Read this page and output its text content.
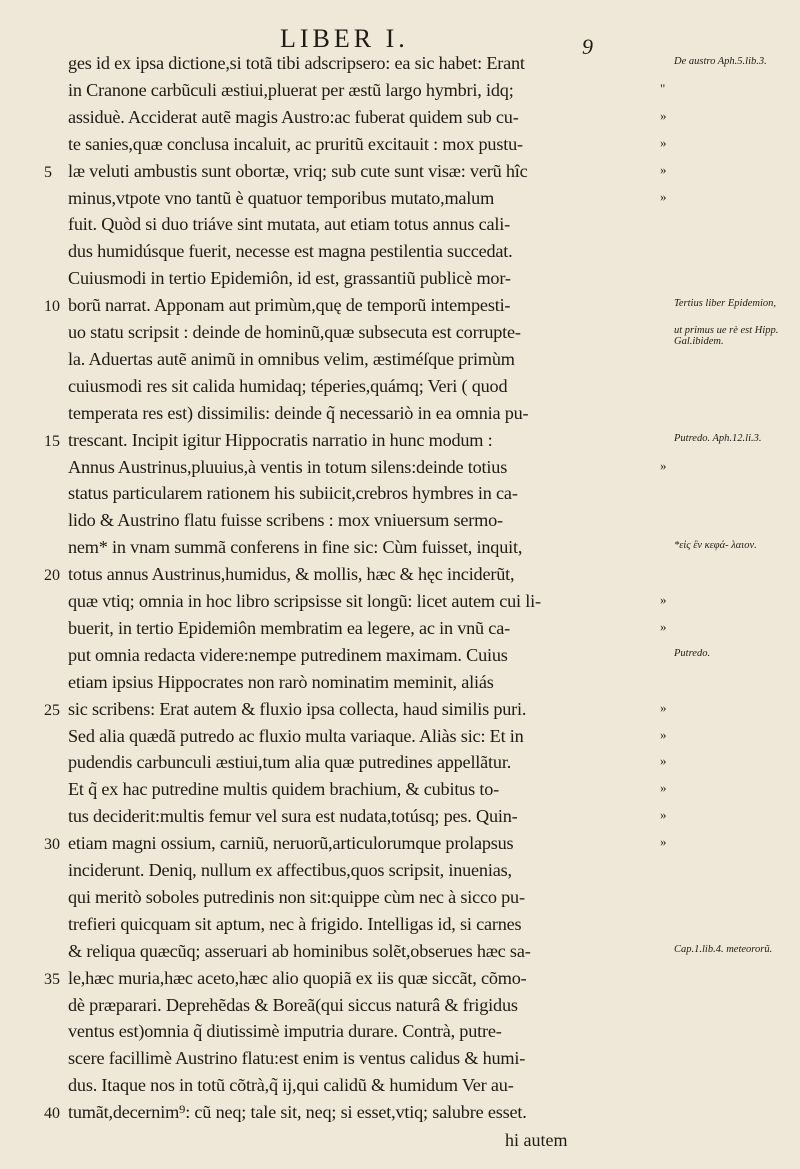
LIBER I.	9
ges id ex ipsa dictione,si totã tibi adscripsero: ea sic habet: Erant
in Cranone carbũculi æstiui,pluerat per æstũ largo hymbri, idq;	"
assiduè. Acciderat autẽ magis Austro:ac fuberat quidem sub cu-	»
te sanies,quæ conclusa incaluit, ac pruritũ excitauit : mox pustu-	»
5 læ veluti ambustis sunt obortæ, vriq; sub cute sunt visæ: verũ hîc	»
minus,vtpote vno tantũ è quatuor temporibus mutato,malum	»
fuit. Quòd si duo triáve sint mutata, aut etiam totus annus cali-
dus humidúsque fuerit, necesse est magna pestilentia succedat.
Cuiusmodi in tertio Epidemiôn, id est, grassantiũ publicè mor-
10 borũ narrat. Apponam aut primùm,quę de temporũ intempesti-
uo statu scripsit : deinde de hominũ,quæ subsecuta est corrupte-
la. Aduertas autẽ animũ in omnibus velim, æstiméſque primùm
cuiusmodi res sit calida humidaq; téperies,quámq; Veri ( quod
temperata res est) dissimilis: deinde q̃ necessariò in ea omnia pu-
15 trescant. Incipit igitur Hippocratis narratio in hunc modum :
Annus Austrinus,pluuius,à ventis in totum silens:deinde totius	»
status particularem rationem his subiicit,crebros hymbres in ca-
lido & Austrino flatu fuisse scribens : mox vniuersum sermo-
nem* in vnam summã conferens in fine sic: Cùm fuisset, inquit,
20 totus annus Austrinus,humidus, & mollis, hæc & hęc inciderũt,
quæ vtiq; omnia in hoc libro scripsisse sit longũ: licet autem cui li-	»
buerit, in tertio Epidemiôn membratim ea legere, ac in vnũ ca-	»
put omnia redacta videre:nempe putredinem maximam. Cuius
etiam ipsius Hippocrates non rarò nominatim meminit, aliás
25 sic scribens: Erat autem & fluxio ipsa collecta, haud similis puri.	»
Sed alia quædã putredo ac fluxio multa variaque. Aliàs sic: Et in	»
pudendis carbunculi æstiui,tum alia quæ putredines appellãtur.	»
Et q̃ ex hac putredine multis quidem brachium, & cubitus to-	»
tus deciderit:multis femur vel sura est nudata,totúsq; pes. Quin-	»
30 etiam magni ossium, carniũ, neruorũ,articulorumque prolapsus	»
inciderunt. Deniq, nullum ex affectibus,quos scripsit, inuenias,
qui meritò soboles putredinis non sit:quippe cùm nec à sicco pu-
trefieri quicquam sit aptum, nec à frigido. Intelligas id, si carnes
& reliqua quæcũq; asseruari ab hominibus solẽt,obserues hæc sa-
35 le,hæc muria,hæc aceto,hæc alio quopiã ex iis quæ siccãt, cõmo-
dè præparari. Deprehẽdas & Boreã(qui siccus naturâ & frigidus
ventus est)omnia q̃ diutissimè imputria durare. Contrà, putre-
scere facillimè Austrino flatu:est enim is ventus calidus & humi-
dus. Itaque nos in totũ cõtrà,q̃ ij,qui calidũ & humidum Ver au-
40 tumãt,decernim⁹: cũ neq; tale sit, neq; si esset,vtiq; salubre esset.
De austro Aph.5.lib.3.
Tertius liber Epidemion,
ut primus ue rè est Hipp. Gal.ibidem.
Putredo. Aph.12.li.3.
*εἰς ἓν κεφά- λαιον.
Putredo.
Cap.1.lib.4. meteororũ.
hi autem
